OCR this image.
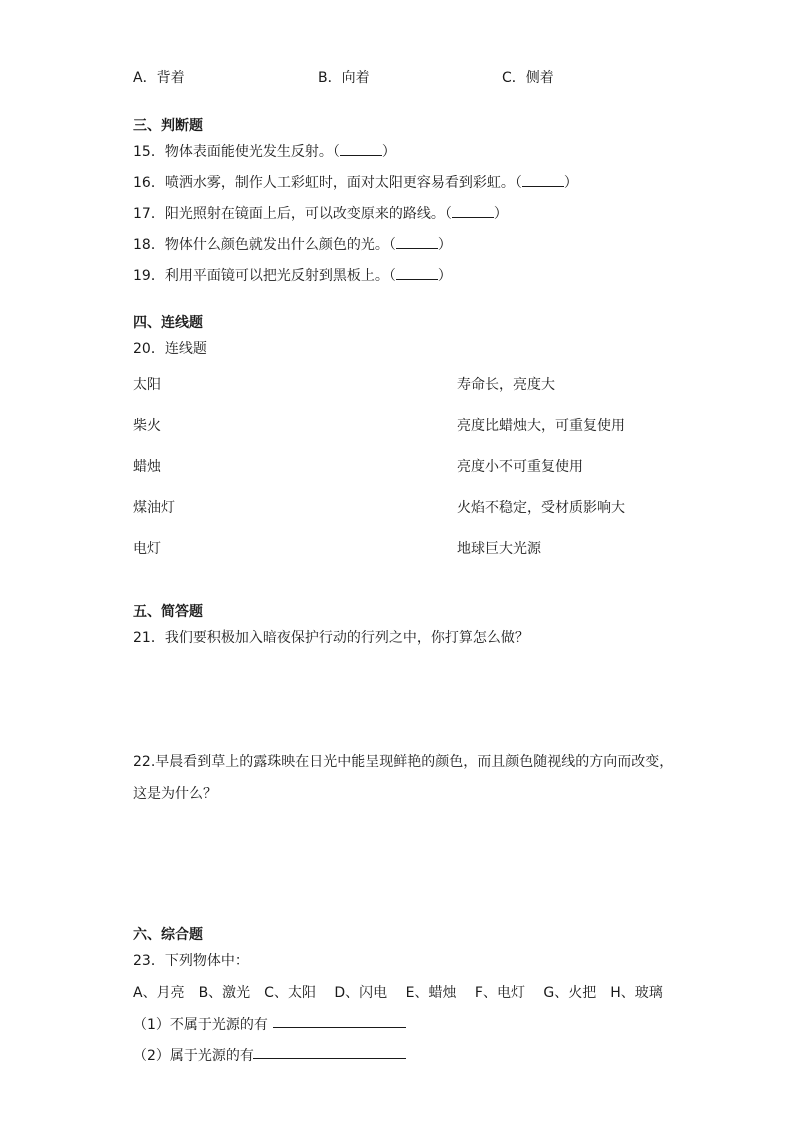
A．背着	B．向着	C．侧着
三、判断题
15．物体表面能使光发生反射。（	）
16．喷洒水雾，制作人工彩虹时，面对太阳更容易看到彩虹。（	）
17．阳光照射在镜面上后，可以改变原来的路线。（	）
18．物体什么颜色就发出什么颜色的光。（	）
19．利用平面镜可以把光反射到黑板上。（	）
四、连线题
20．连线题
太阳
柴火
蜡烛
煤油灯
电灯
寿命长，亮度大
亮度比蜡烛大，可重复使用
亮度小不可重复使用
火焰不稳定，受材质影响大
地球巨大光源
五、简答题
21．我们要积极加入暗夜保护行动的行列之中，你打算怎么做？
22.早晨看到草上的露珠映在日光中能呈现鲜艳的颜色，而且颜色随视线的方向而改变，
这是为什么？
六、综合题
23．下列物体中：
A、月亮　B、激光　C、太阳　 D、闪电　 E、蜡烛　 F、电灯　 G、火把　H、玻璃
（1）不属于光源的有
（2）属于光源的有
